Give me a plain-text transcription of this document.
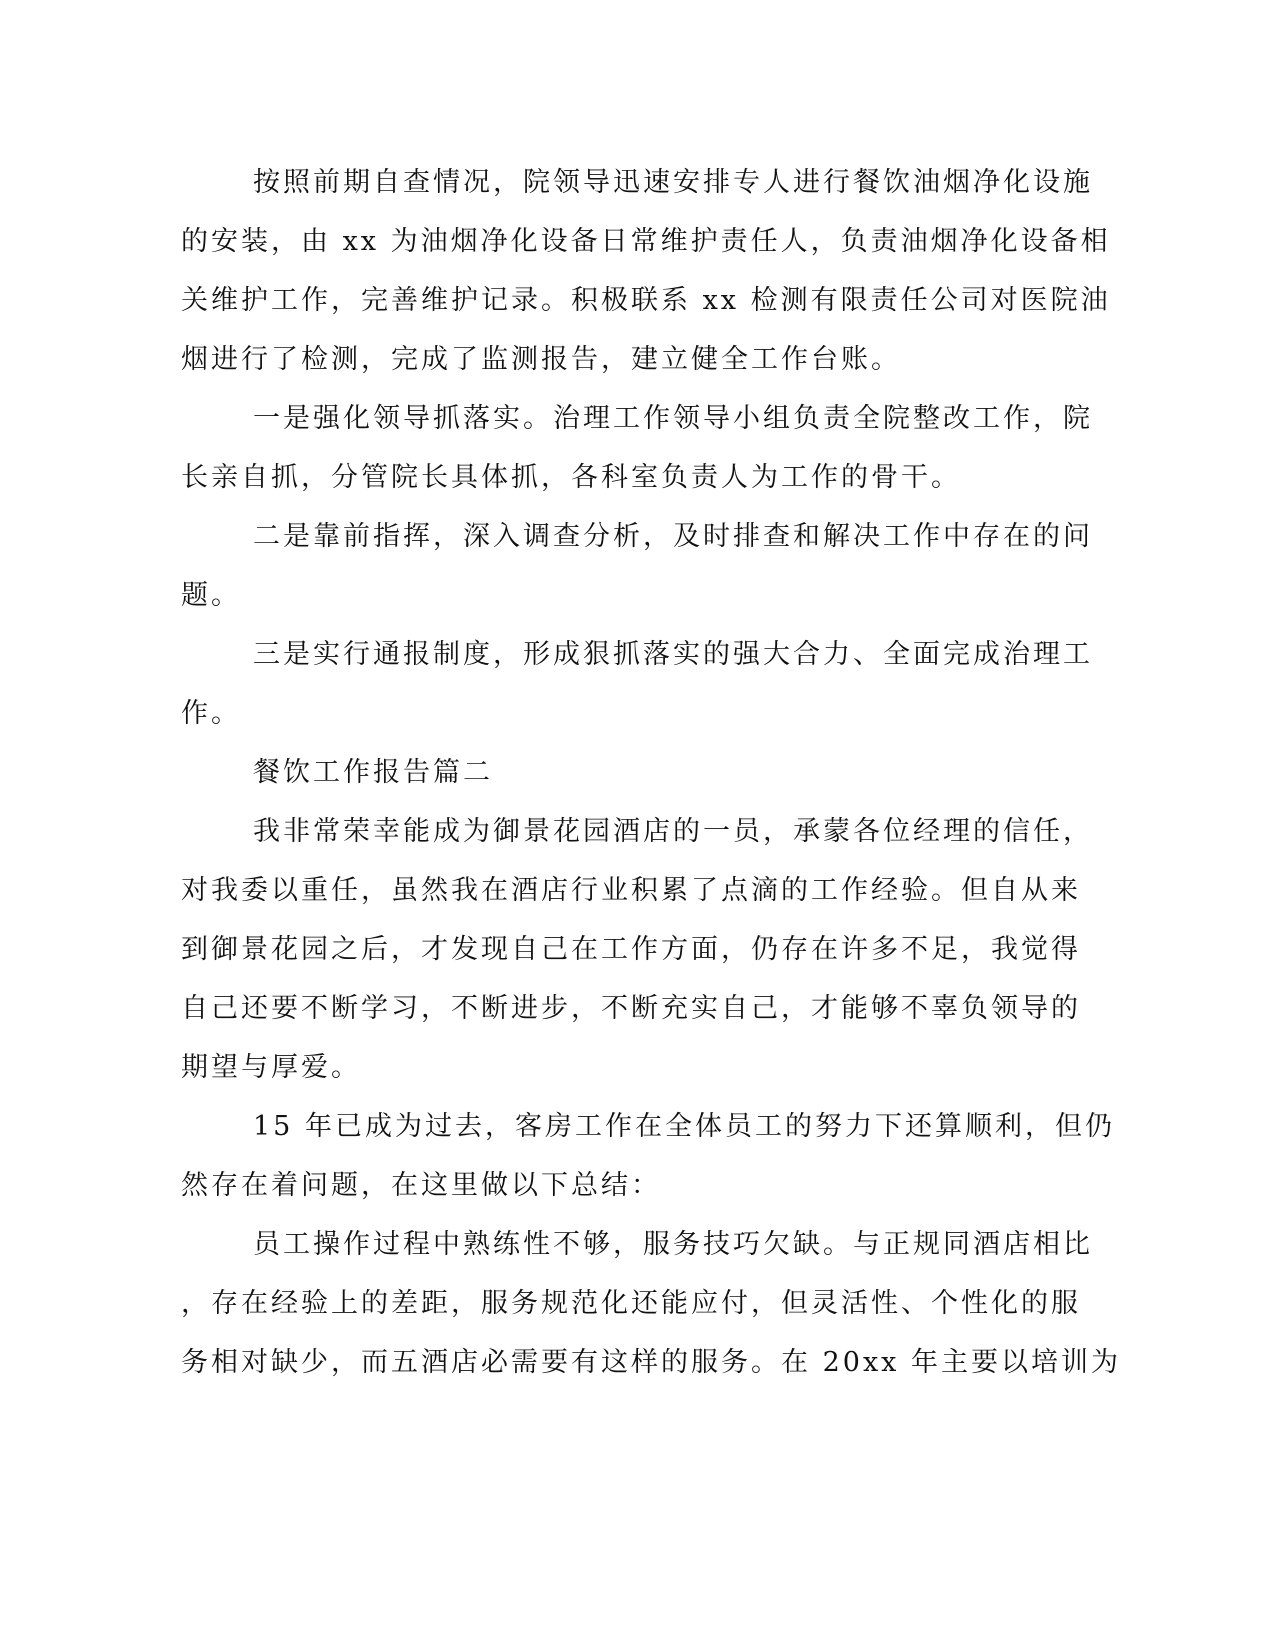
按照前期自查情况，院领导迅速安排专人进行餐饮油烟净化设施

的安装，由 xx 为油烟净化设备日常维护责任人，负责油烟净化设备相

关维护工作，完善维护记录。积极联系 xx 检测有限责任公司对医院油

烟进行了检测，完成了监测报告，建立健全工作台账。

一是强化领导抓落实。治理工作领导小组负责全院整改工作，院

长亲自抓，分管院长具体抓，各科室负责人为工作的骨干。

二是靠前指挥，深入调查分析，及时排查和解决工作中存在的问

题。

三是实行通报制度，形成狠抓落实的强大合力、全面完成治理工

作。

餐饮工作报告篇二

我非常荣幸能成为御景花园酒店的一员，承蒙各位经理的信任，

对我委以重任，虽然我在酒店行业积累了点滴的工作经验。但自从来

到御景花园之后，才发现自己在工作方面，仍存在许多不足，我觉得

自己还要不断学习，不断进步，不断充实自己，才能够不辜负领导的

期望与厚爱。

15 年已成为过去，客房工作在全体员工的努力下还算顺利，但仍

然存在着问题，在这里做以下总结：

员工操作过程中熟练性不够，服务技巧欠缺。与正规同酒店相比

，存在经验上的差距，服务规范化还能应付，但灵活性、个性化的服

务相对缺少，而五酒店必需要有这样的服务。在 20xx 年主要以培训为
